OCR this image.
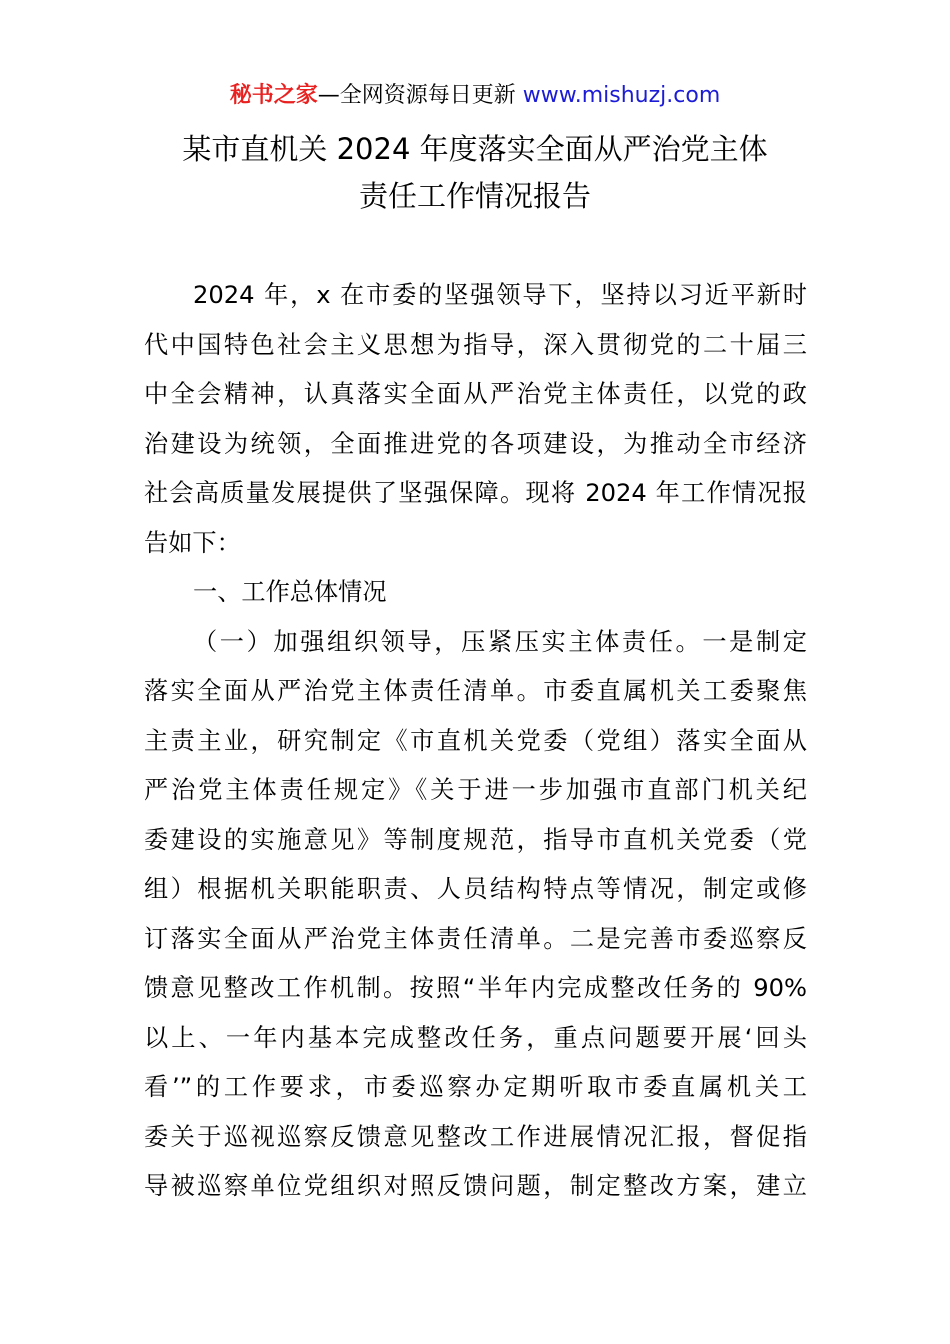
秘书之家—全网资源每日更新 www.mishuzj.com
某市直机关 2024 年度落实全面从严治党主体
责任工作情况报告
2024 年，x 在市委的坚强领导下，坚持以习近平新时
代中国特色社会主义思想为指导，深入贯彻党的二十届三
中全会精神，认真落实全面从严治党主体责任，以党的政
治建设为统领，全面推进党的各项建设，为推动全市经济
社会高质量发展提供了坚强保障。现将 2024 年工作情况报
告如下：
一、工作总体情况
（一）加强组织领导，压紧压实主体责任。一是制定
落实全面从严治党主体责任清单。市委直属机关工委聚焦
主责主业，研究制定《市直机关党委（党组）落实全面从
严治党主体责任规定》《关于进一步加强市直部门机关纪
委建设的实施意见》等制度规范，指导市直机关党委（党
组）根据机关职能职责、人员结构特点等情况，制定或修
订落实全面从严治党主体责任清单。二是完善市委巡察反
馈意见整改工作机制。按照“半年内完成整改任务的 90%
以上、一年内基本完成整改任务，重点问题要开展‘回头
看’”的工作要求，市委巡察办定期听取市委直属机关工
委关于巡视巡察反馈意见整改工作进展情况汇报，督促指
导被巡察单位党组织对照反馈问题，制定整改方案，建立
